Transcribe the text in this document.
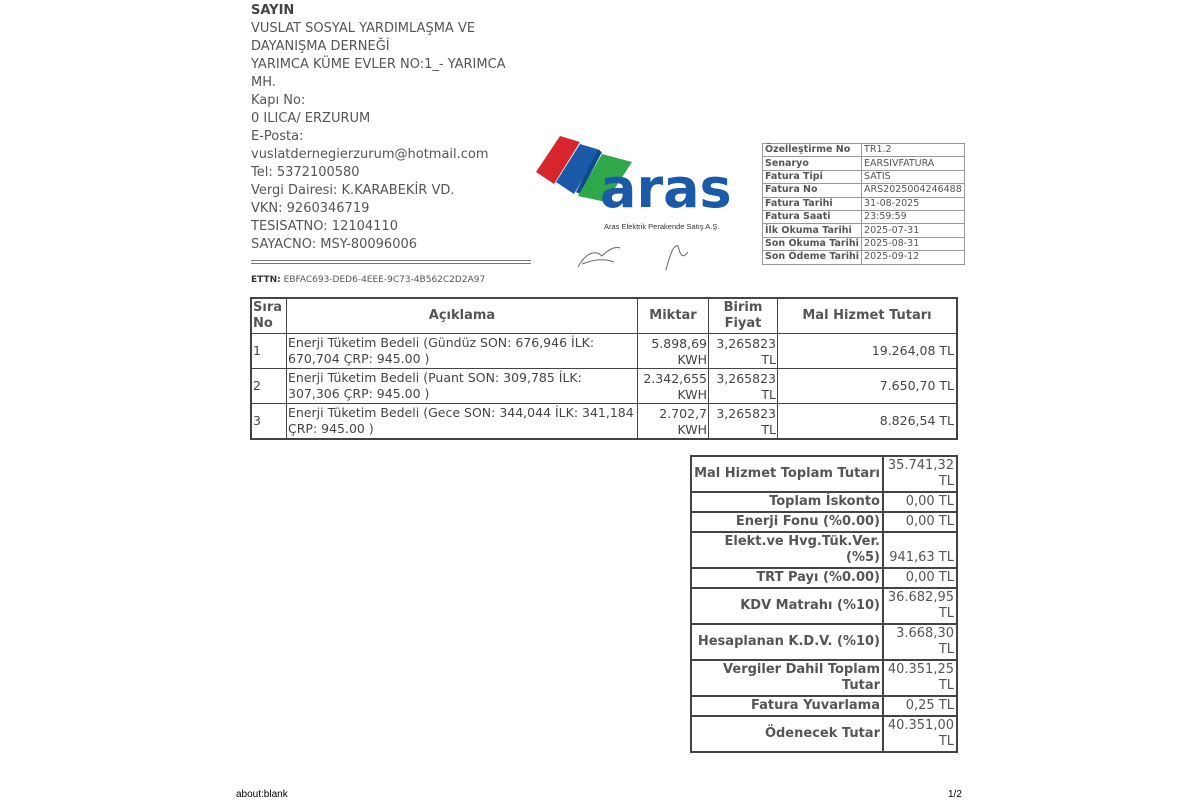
SAYIN
VUSLAT SOSYAL YARDIMLAŞMA VE DAYANIŞMA DERNEĞİ
YARIMCA KÜME EVLER NO:1_- YARIMCA MH.
Kapı No:
0 ILICA/ ERZURUM
E-Posta:
vuslatdernegierzurum@hotmail.com
Tel: 5372100580
Vergi Dairesi: K.KARABEKİR VD.
VKN: 9260346719
TESISATNO: 12104110
SAYACNO: MSY-80096006
ETTN: EBFAC693-DED6-4EEE-9C73-4B562C2D2A97
aras
Aras Elektrik Perakende Satış A.Ş.
Özelleştirme No	TR1.2
Senaryo	EARSIVFATURA
Fatura Tipi	SATIS
Fatura No	ARS2025004246488
Fatura Tarihi	31-08-2025
Fatura Saati	23:59:59
İlk Okuma Tarihi	2025-07-31
Son Okuma Tarihi	2025-08-31
Son Ödeme Tarihi	2025-09-12
Sıra No	Açıklama	Miktar	Birim Fiyat	Mal Hizmet Tutarı
1	Enerji Tüketim Bedeli (Gündüz SON: 676,946 İLK: 670,704 ÇRP: 945.00 )	5.898,69 KWH	3,265823 TL	19.264,08 TL
2	Enerji Tüketim Bedeli (Puant SON: 309,785 İLK: 307,306 ÇRP: 945.00 )	2.342,655 KWH	3,265823 TL	7.650,70 TL
3	Enerji Tüketim Bedeli (Gece SON: 344,044 İLK: 341,184 ÇRP: 945.00 )	2.702,7 KWH	3,265823 TL	8.826,54 TL
Mal Hizmet Toplam Tutarı	35.741,32 TL
Toplam İskonto	0,00 TL
Enerji Fonu (%0.00)	0,00 TL
Elekt.ve Hvg.Tük.Ver. (%5)	941,63 TL
TRT Payı (%0.00)	0,00 TL
KDV Matrahı (%10)	36.682,95 TL
Hesaplanan K.D.V. (%10)	3.668,30 TL
Vergiler Dahil Toplam Tutar	40.351,25 TL
Fatura Yuvarlama	0,25 TL
Ödenecek Tutar	40.351,00 TL
about:blank	1/2
